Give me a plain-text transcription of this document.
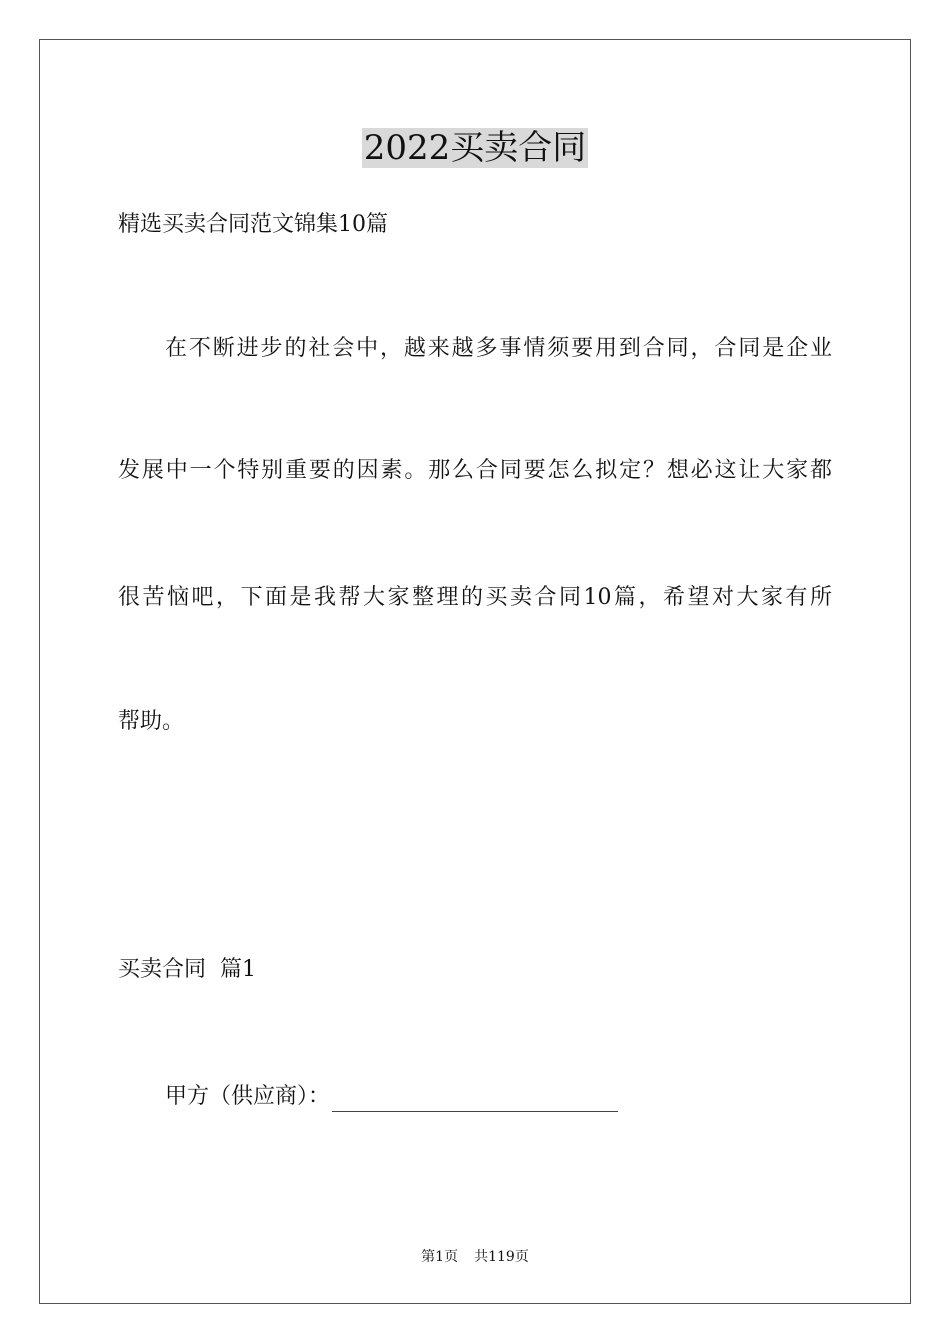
2022买卖合同
精选买卖合同范文锦集10篇
在不断进步的社会中，越来越多事情须要用到合同，合同是企业
发展中一个特别重要的因素。那么合同要怎么拟定？想必这让大家都
很苦恼吧，下面是我帮大家整理的买卖合同10篇，希望对大家有所
帮助。
买卖合同  篇1
甲方（供应商）：
第1页 共119页
